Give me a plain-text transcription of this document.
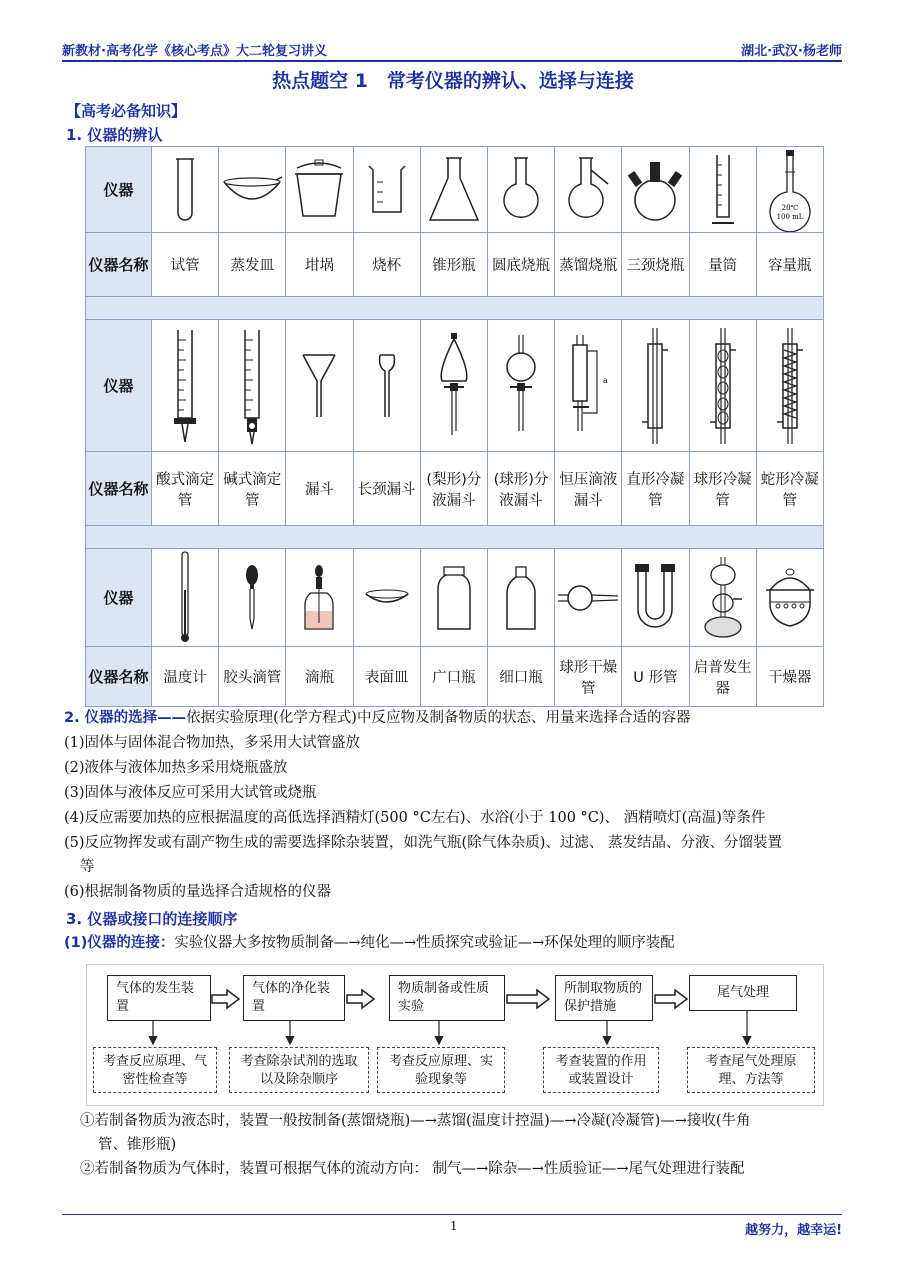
新教材·高考化学《核心考点》大二轮复习讲义	湖北·武汉·杨老师
热点题空 1　常考仪器的辨认、选择与连接
【高考必备知识】
1. 仪器的辨认
仪器										20℃
100 mL

仪器名称	试管	蒸发皿	坩埚	烧杯	锥形瓶	圆底烧瓶	蒸馏烧瓶	三颈烧瓶	量筒	容量瓶

仪器							a

仪器名称	酸式滴定管	碱式滴定管	漏斗	长颈漏斗	(梨形)分液漏斗	(球形)分液漏斗	恒压滴液漏斗	直形冷凝管	球形冷凝管	蛇形冷凝管

仪器	

仪器名称	温度计	胶头滴管	滴瓶	表面皿	广口瓶	细口瓶	球形干燥管	U 形管	启普发生器	干燥器
2. 仪器的选择——依据实验原理(化学方程式)中反应物及制备物质的状态、用量来选择合适的容器
(1)固体与固体混合物加热，多采用大试管盛放
(2)液体与液体加热多采用烧瓶盛放
(3)固体与液体反应可采用大试管或烧瓶
(4)反应需要加热的应根据温度的高低选择酒精灯(500 °C左右)、水浴(小于 100 °C)、 酒精喷灯(高温)等条件
(5)反应物挥发或有副产物生成的需要选择除杂装置，如洗气瓶(除气体杂质)、过滤、 蒸发结晶、分液、分馏装置
等
(6)根据制备物质的量选择合适规格的仪器
3. 仪器或接口的连接顺序
(1)仪器的连接：实验仪器大多按物质制备—→纯化—→性质探究或验证—→环保处理的顺序装配
气体的发生装置
气体的净化装置
物质制备或性质实验
所制取物质的保护措施
尾气处理
考查反应原理、气密性检查等
考查除杂试剂的选取以及除杂顺序
考查反应原理、实验现象等
考查装置的作用或装置设计
考查尾气处理原理、方法等
①若制备物质为液态时，装置一般按制备(蒸馏烧瓶)—→蒸馏(温度计控温)—→冷凝(冷凝管)—→接收(牛角
管、锥形瓶)
②若制备物质为气体时，装置可根据气体的流动方向： 制气—→除杂—→性质验证—→尾气处理进行装配
1	越努力，越幸运!
